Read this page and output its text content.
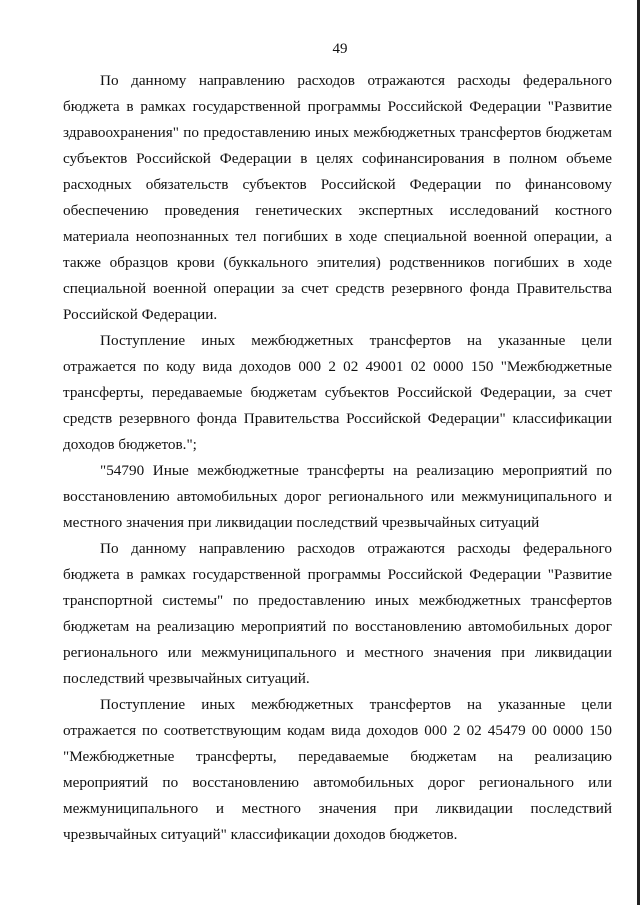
49

По данному направлению расходов отражаются расходы федерального бюджета в рамках государственной программы Российской Федерации "Развитие здравоохранения" по предоставлению иных межбюджетных трансфертов бюджетам субъектов Российской Федерации в целях софинансирования в полном объеме расходных обязательств субъектов Российской Федерации по финансовому обеспечению проведения генетических экспертных исследований костного материала неопознанных тел погибших в ходе специальной военной операции, а также образцов крови (буккального эпителия) родственников погибших в ходе специальной военной операции за счет средств резервного фонда Правительства Российской Федерации.

Поступление иных межбюджетных трансфертов на указанные цели отражается по коду вида доходов 000 2 02 49001 02 0000 150 "Межбюджетные трансферты, передаваемые бюджетам субъектов Российской Федерации, за счет средств резервного фонда Правительства Российской Федерации" классификации доходов бюджетов.";

"54790 Иные межбюджетные трансферты на реализацию мероприятий по восстановлению автомобильных дорог регионального или межмуниципального и местного значения при ликвидации последствий чрезвычайных ситуаций

По данному направлению расходов отражаются расходы федерального бюджета в рамках государственной программы Российской Федерации "Развитие транспортной системы" по предоставлению иных межбюджетных трансфертов бюджетам на реализацию мероприятий по восстановлению автомобильных дорог регионального или межмуниципального и местного значения при ликвидации последствий чрезвычайных ситуаций.

Поступление иных межбюджетных трансфертов на указанные цели отражается по соответствующим кодам вида доходов 000 2 02 45479 00 0000 150 "Межбюджетные трансферты, передаваемые бюджетам на реализацию мероприятий по восстановлению автомобильных дорог регионального или межмуниципального и местного значения при ликвидации последствий чрезвычайных ситуаций" классификации доходов бюджетов.
